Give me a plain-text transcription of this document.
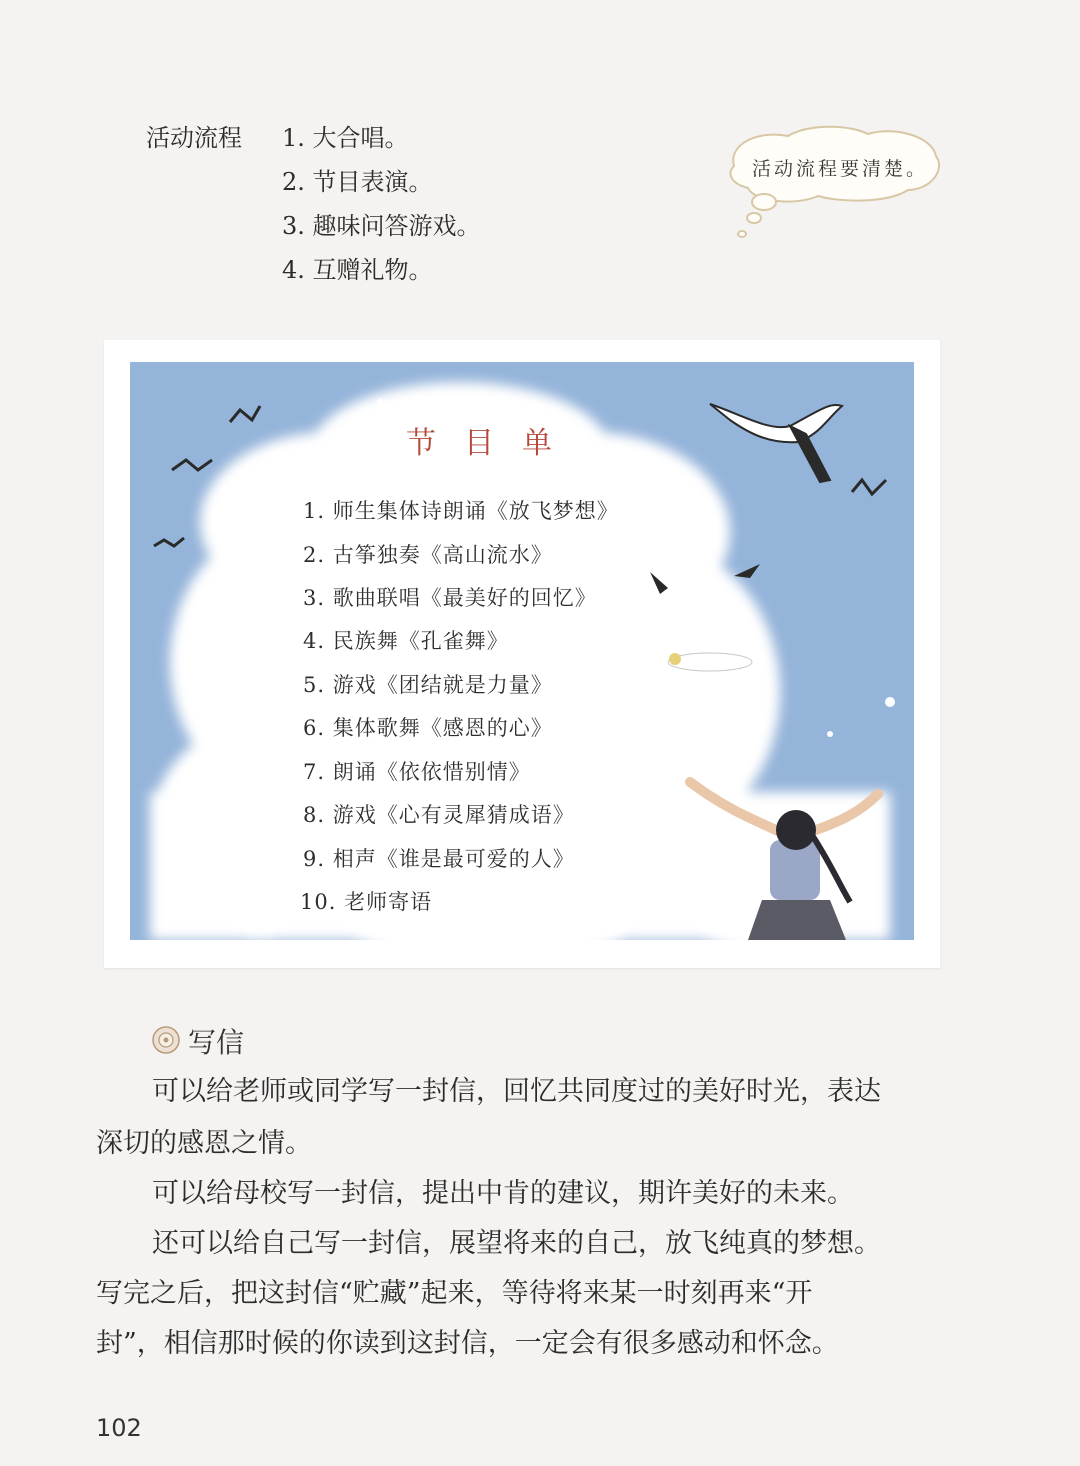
活动流程 1. 大合唱。
2. 节目表演。
3. 趣味问答游戏。
4. 互赠礼物。
活动流程要清楚。
节目单
1. 师生集体诗朗诵《放飞梦想》
2. 古筝独奏《高山流水》
3. 歌曲联唱《最美好的回忆》
4. 民族舞《孔雀舞》
5. 游戏《团结就是力量》
6. 集体歌舞《感恩的心》
7. 朗诵《依依惜别情》
8. 游戏《心有灵犀猜成语》
9. 相声《谁是最可爱的人》
10. 老师寄语
写信
可以给老师或同学写一封信，回忆共同度过的美好时光，表达
深切的感恩之情。
可以给母校写一封信，提出中肯的建议，期许美好的未来。
还可以给自己写一封信，展望将来的自己，放飞纯真的梦想。
写完之后，把这封信“贮藏”起来，等待将来某一时刻再来“开
封”，相信那时候的你读到这封信，一定会有很多感动和怀念。
102
